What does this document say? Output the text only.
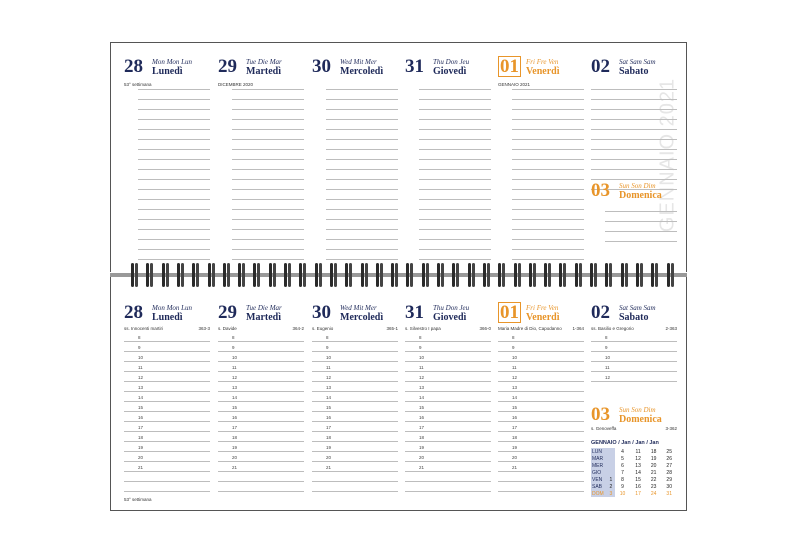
GENNAIO 2021
28 Mon Mon Lun
Lunedì
53° settimana
29 Tue Die Mar
Martedì
DICEMBRE 2020
30 Wed Mit Mer
Mercoledì 31 Thu Don Jeu
Giovedì 01 Fri Fre Ven
Venerdì
GENNAIO 2021
02 Sat Sam Sam
Sabato
03 Sun Son Dim
Domenica
28 Mon Mon Lun
Lunedì
ss. Innocenti martiri	363-3
8
9
10
11
12
13
14
15
16
17
18
19
20
21
29 Tue Die Mar
Martedì
s. Davide	364-2
8
9
10
11
12
13
14
15
16
17
18
19
20
21
30 Wed Mit Mer
Mercoledì
s. Eugenio	365-1
8
9
10
11
12
13
14
15
16
17
18
19
20
21
31 Thu Don Jeu
Giovedì
s. Silvestro I papa	366-0
8
9
10
11
12
13
14
15
16
17
18
19
20
21
01 Fri Fre Ven
Venerdì
Maria Madre di Dio, Capodanno 1-364
8
9
10
11
12
13
14
15
16
17
18
19
20
21
02 Sat Sam Sam
Sabato
ss. Basilio e Gregorio	2-363
8
9
10
11
12
03 Sun Son Dim
Domenica
s. Genoveffa	3-362
53° settimana
GENNAIO / Jan / Jan / Jan
LUN		4	11	18	25
MAR		5	12	19	26
MER		6	13	20	27
GIO		7	14	21	28
VEN	1	8	15	22	29
SAB	2	9	16	23	30
DOM	3	10	17	24	31
